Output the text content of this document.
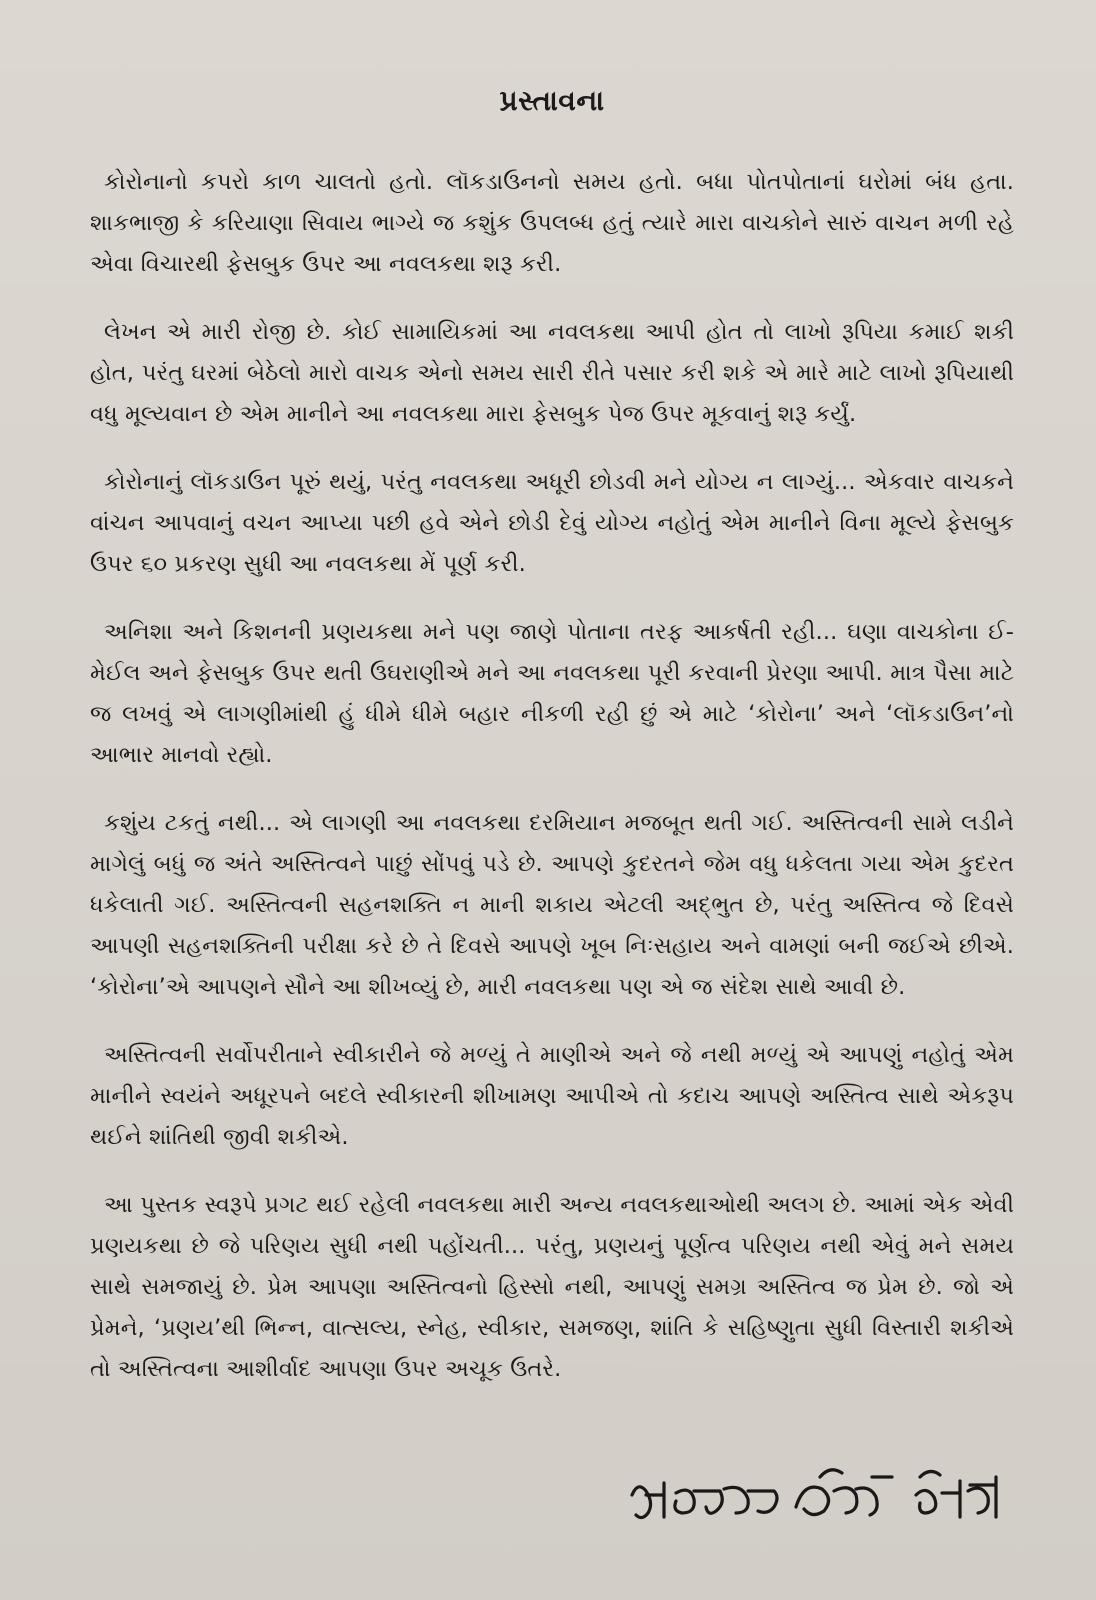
પ્રસ્તાવના

કોરોનાનો કપરો કાળ ચાલતો હતો. લૉકડાઉનનો સમય હતો. બધા પોતપોતાનાં ઘરોમાં બંધ હતા. શાકભાજી કે કરિયાણા સિવાય ભાગ્યે જ કશુંક ઉપલબ્ધ હતું ત્યારે મારા વાચકોને સારું વાચન મળી રહે એવા વિચારથી ફેસબુક ઉપર આ નવલકથા શરૂ કરી.

લેખન એ મારી રોજી છે. કોઈ સામાયિકમાં આ નવલકથા આપી હોત તો લાખો રૂપિયા કમાઈ શકી હોત, પરંતુ ઘરમાં બેઠેલો મારો વાચક એનો સમય સારી રીતે પસાર કરી શકે એ મારે માટે લાખો રૂપિયાથી વધુ મૂલ્યવાન છે એમ માનીને આ નવલકથા મારા ફેસબુક પેજ ઉપર મૂકવાનું શરૂ કર્યું.

કોરોનાનું લૉકડાઉન પૂરું થયું, પરંતુ નવલકથા અધૂરી છોડવી મને યોગ્ય ન લાગ્યું... એકવાર વાચકને વાંચન આપવાનું વચન આપ્યા પછી હવે એને છોડી દેવું યોગ્ય નહોતું એમ માનીને વિના મૂલ્યે ફેસબુક ઉપર ૬૦ પ્રકરણ સુધી આ નવલકથા મેં પૂર્ણ કરી.

અનિશા અને કિશનની પ્રણયકથા મને પણ જાણે પોતાના તરફ આકર્ષતી રહી... ઘણા વાચકોના ઈ-મેઈલ અને ફેસબુક ઉપર થતી ઉઘરાણીએ મને આ નવલકથા પૂરી કરવાની પ્રેરણા આપી. માત્ર પૈસા માટે જ લખવું એ લાગણીમાંથી હું ધીમે ધીમે બહાર નીકળી રહી છું એ માટે ‘કોરોના’ અને ‘લૉકડાઉન’નો આભાર માનવો રહ્યો.

કશુંય ટકતું નથી... એ લાગણી આ નવલકથા દરમિયાન મજબૂત થતી ગઈ. અસ્તિત્વની સામે લડીને માગેલું બધું જ અંતે અસ્તિત્વને પાછું સોંપવું પડે છે. આપણે કુદરતને જેમ વધુ ધકેલતા ગયા એમ કુદરત ધકેલાતી ગઈ. અસ્તિત્વની સહનશક્તિ ન માની શકાય એટલી અદ્ભુત છે, પરંતુ અસ્તિત્વ જે દિવસે આપણી સહનશક્તિની પરીક્ષા કરે છે તે દિવસે આપણે ખૂબ નિઃસહાય અને વામણાં બની જઈએ છીએ. ‘કોરોના’એ આપણને સૌને આ શીખવ્યું છે, મારી નવલકથા પણ એ જ સંદેશ સાથે આવી છે.

અસ્તિત્વની સર્વોપરીતાને સ્વીકારીને જે મળ્યું તે માણીએ અને જે નથી મળ્યું એ આપણું નહોતું એમ માનીને સ્વયંને અધૂરપને બદલે સ્વીકારની શીખામણ આપીએ તો કદાચ આપણે અસ્તિત્વ સાથે એકરૂપ થઈને શાંતિથી જીવી શકીએ.

આ પુસ્તક સ્વરૂપે પ્રગટ થઈ રહેલી નવલકથા મારી અન્ય નવલકથાઓથી અલગ છે. આમાં એક એવી પ્રણયકથા છે જે પરિણય સુધી નથી પહોંચતી... પરંતુ, પ્રણયનું પૂર્ણત્વ પરિણય નથી એવું મને સમય સાથે સમજાયું છે. પ્રેમ આપણા અસ્તિત્વનો હિસ્સો નથી, આપણું સમગ્ર અસ્તિત્વ જ પ્રેમ છે. જો એ પ્રેમને, ‘પ્રણય’થી ભિન્ન, વાત્સલ્ય, સ્નેહ, સ્વીકાર, સમજણ, શાંતિ કે સહિષ્ણુતા સુધી વિસ્તારી શકીએ તો અસ્તિત્વના આશીર્વાદ આપણા ઉપર અચૂક ઉતરે.
